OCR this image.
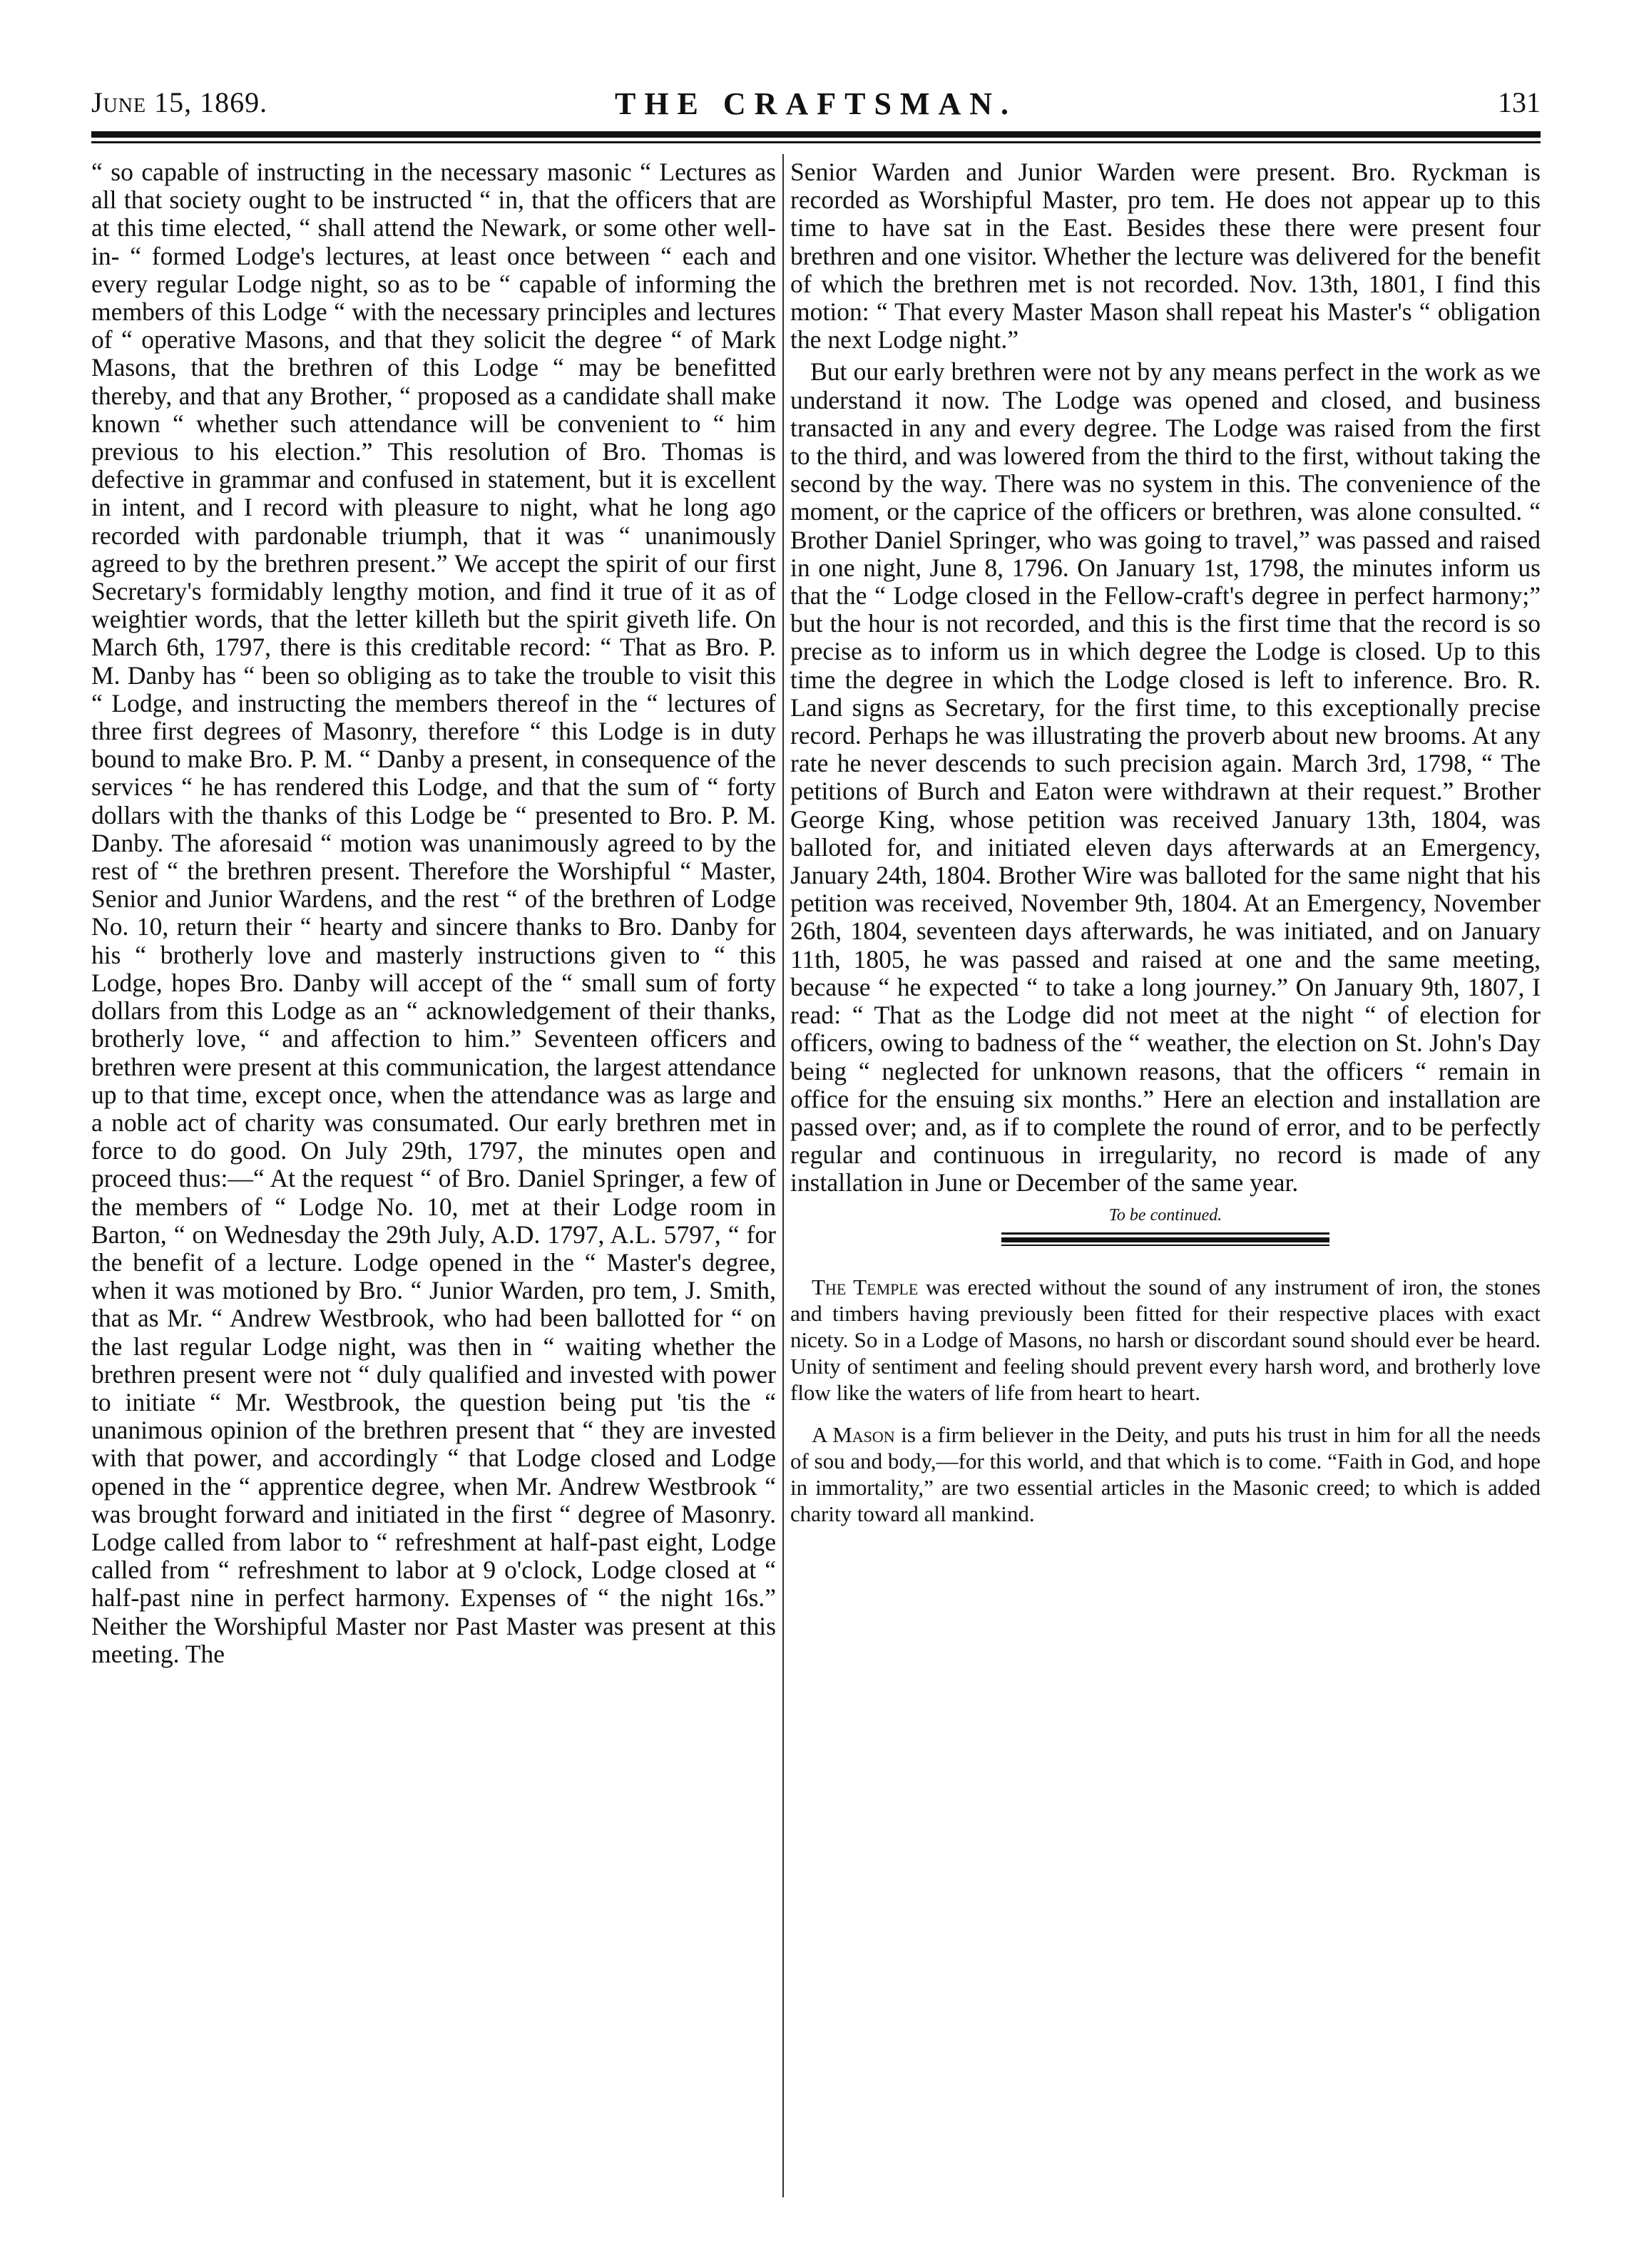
June 15, 1869.	THE CRAFTSMAN.	131

“ so capable of instructing in the necessary masonic “ Lectures as all that society ought to be instructed “ in, that the officers that are at this time elected, “ shall attend the Newark, or some other well-in- “ formed Lodge's lectures, at least once between “ each and every regular Lodge night, so as to be “ capable of informing the members of this Lodge “ with the necessary principles and lectures of “ operative Masons, and that they solicit the degree “ of Mark Masons, that the brethren of this Lodge “ may be benefitted thereby, and that any Brother, “ proposed as a candidate shall make known “ whether such attendance will be convenient to “ him previous to his election.” This resolution of Bro. Thomas is defective in grammar and confused in statement, but it is excellent in intent, and I record with pleasure to night, what he long ago recorded with pardonable triumph, that it was “ unanimously agreed to by the brethren present.” We accept the spirit of our first Secretary's formidably lengthy motion, and find it true of it as of weightier words, that the letter killeth but the spirit giveth life. On March 6th, 1797, there is this creditable record: “ That as Bro. P. M. Danby has “ been so obliging as to take the trouble to visit this “ Lodge, and instructing the members thereof in the “ lectures of three first degrees of Masonry, therefore “ this Lodge is in duty bound to make Bro. P. M. “ Danby a present, in consequence of the services “ he has rendered this Lodge, and that the sum of “ forty dollars with the thanks of this Lodge be “ presented to Bro. P. M. Danby. The aforesaid “ motion was unanimously agreed to by the rest of “ the brethren present. Therefore the Worshipful “ Master, Senior and Junior Wardens, and the rest “ of the brethren of Lodge No. 10, return their “ hearty and sincere thanks to Bro. Danby for his “ brotherly love and masterly instructions given to “ this Lodge, hopes Bro. Danby will accept of the “ small sum of forty dollars from this Lodge as an “ acknowledgement of their thanks, brotherly love, “ and affection to him.” Seventeen officers and brethren were present at this communication, the largest attendance up to that time, except once, when the attendance was as large and a noble act of charity was consumated. Our early brethren met in force to do good. On July 29th, 1797, the minutes open and proceed thus:—“ At the request “ of Bro. Daniel Springer, a few of the members of “ Lodge No. 10, met at their Lodge room in Barton, “ on Wednesday the 29th July, A.D. 1797, A.L. 5797, “ for the benefit of a lecture. Lodge opened in the “ Master's degree, when it was motioned by Bro. “ Junior Warden, pro tem, J. Smith, that as Mr. “ Andrew Westbrook, who had been ballotted for “ on the last regular Lodge night, was then in “ waiting whether the brethren present were not “ duly qualified and invested with power to initiate “ Mr. Westbrook, the question being put 'tis the “ unanimous opinion of the brethren present that “ they are invested with that power, and accordingly “ that Lodge closed and Lodge opened in the “ apprentice degree, when Mr. Andrew Westbrook “ was brought forward and initiated in the first “ degree of Masonry. Lodge called from labor to “ refreshment at half-past eight, Lodge called from “ refreshment to labor at 9 o'clock, Lodge closed at “ half-past nine in perfect harmony. Expenses of “ the night 16s.” Neither the Worshipful Master nor Past Master was present at this meeting. The

Senior Warden and Junior Warden were present. Bro. Ryckman is recorded as Worshipful Master, pro tem. He does not appear up to this time to have sat in the East. Besides these there were present four brethren and one visitor. Whether the lecture was delivered for the benefit of which the brethren met is not recorded. Nov. 13th, 1801, I find this motion: “ That every Master Mason shall repeat his Master's “ obligation the next Lodge night.”

But our early brethren were not by any means perfect in the work as we understand it now. The Lodge was opened and closed, and business transacted in any and every degree. The Lodge was raised from the first to the third, and was lowered from the third to the first, without taking the second by the way. There was no system in this. The convenience of the moment, or the caprice of the officers or brethren, was alone consulted. “ Brother Daniel Springer, who was going to travel,” was passed and raised in one night, June 8, 1796. On January 1st, 1798, the minutes inform us that the “ Lodge closed in the Fellow-craft's degree in perfect harmony;” but the hour is not recorded, and this is the first time that the record is so precise as to inform us in which degree the Lodge is closed. Up to this time the degree in which the Lodge closed is left to inference. Bro. R. Land signs as Secretary, for the first time, to this exceptionally precise record. Perhaps he was illustrating the proverb about new brooms. At any rate he never descends to such precision again. March 3rd, 1798, “ The petitions of Burch and Eaton were withdrawn at their request.” Brother George King, whose petition was received January 13th, 1804, was balloted for, and initiated eleven days afterwards at an Emergency, January 24th, 1804. Brother Wire was balloted for the same night that his petition was received, November 9th, 1804. At an Emergency, November 26th, 1804, seventeen days afterwards, he was initiated, and on January 11th, 1805, he was passed and raised at one and the same meeting, because “ he expected “ to take a long journey.” On January 9th, 1807, I read: “ That as the Lodge did not meet at the night “ of election for officers, owing to badness of the “ weather, the election on St. John's Day being “ neglected for unknown reasons, that the officers “ remain in office for the ensuing six months.” Here an election and installation are passed over; and, as if to complete the round of error, and to be perfectly regular and continuous in irregularity, no record is made of any installation in June or December of the same year.

To be continued.

The Temple was erected without the sound of any instrument of iron, the stones and timbers having previously been fitted for their respective places with exact nicety. So in a Lodge of Masons, no harsh or discordant sound should ever be heard. Unity of sentiment and feeling should prevent every harsh word, and brotherly love flow like the waters of life from heart to heart.

A Mason is a firm believer in the Deity, and puts his trust in him for all the needs of sou and body,—for this world, and that which is to come. “Faith in God, and hope in immortality,” are two essential articles in the Masonic creed; to which is added charity toward all mankind.
